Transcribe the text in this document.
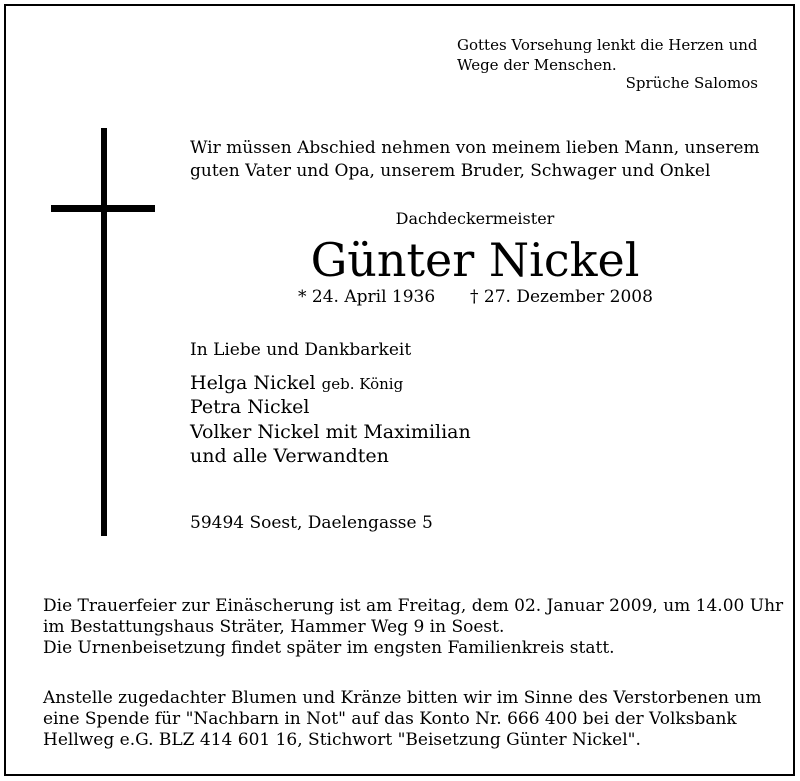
Gottes Vorsehung lenkt die Herzen und
Wege der Menschen.
Sprüche Salomos
Wir müssen Abschied nehmen von meinem lieben Mann, unserem
guten Vater und Opa, unserem Bruder, Schwager und Onkel
Dachdeckermeister
Günter Nickel
* 24. April 1936 † 27. Dezember 2008
In Liebe und Dankbarkeit
Helga Nickel geb. König
Petra Nickel
Volker Nickel mit Maximilian
und alle Verwandten
59494 Soest, Daelengasse 5
Die Trauerfeier zur Einäscherung ist am Freitag, dem 02. Januar 2009, um 14.00 Uhr
im Bestattungshaus Sträter, Hammer Weg 9 in Soest.
Die Urnenbeisetzung findet später im engsten Familienkreis statt.
Anstelle zugedachter Blumen und Kränze bitten wir im Sinne des Verstorbenen um
eine Spende für "Nachbarn in Not" auf das Konto Nr. 666 400 bei der Volksbank
Hellweg e.G. BLZ 414 601 16, Stichwort "Beisetzung Günter Nickel".
